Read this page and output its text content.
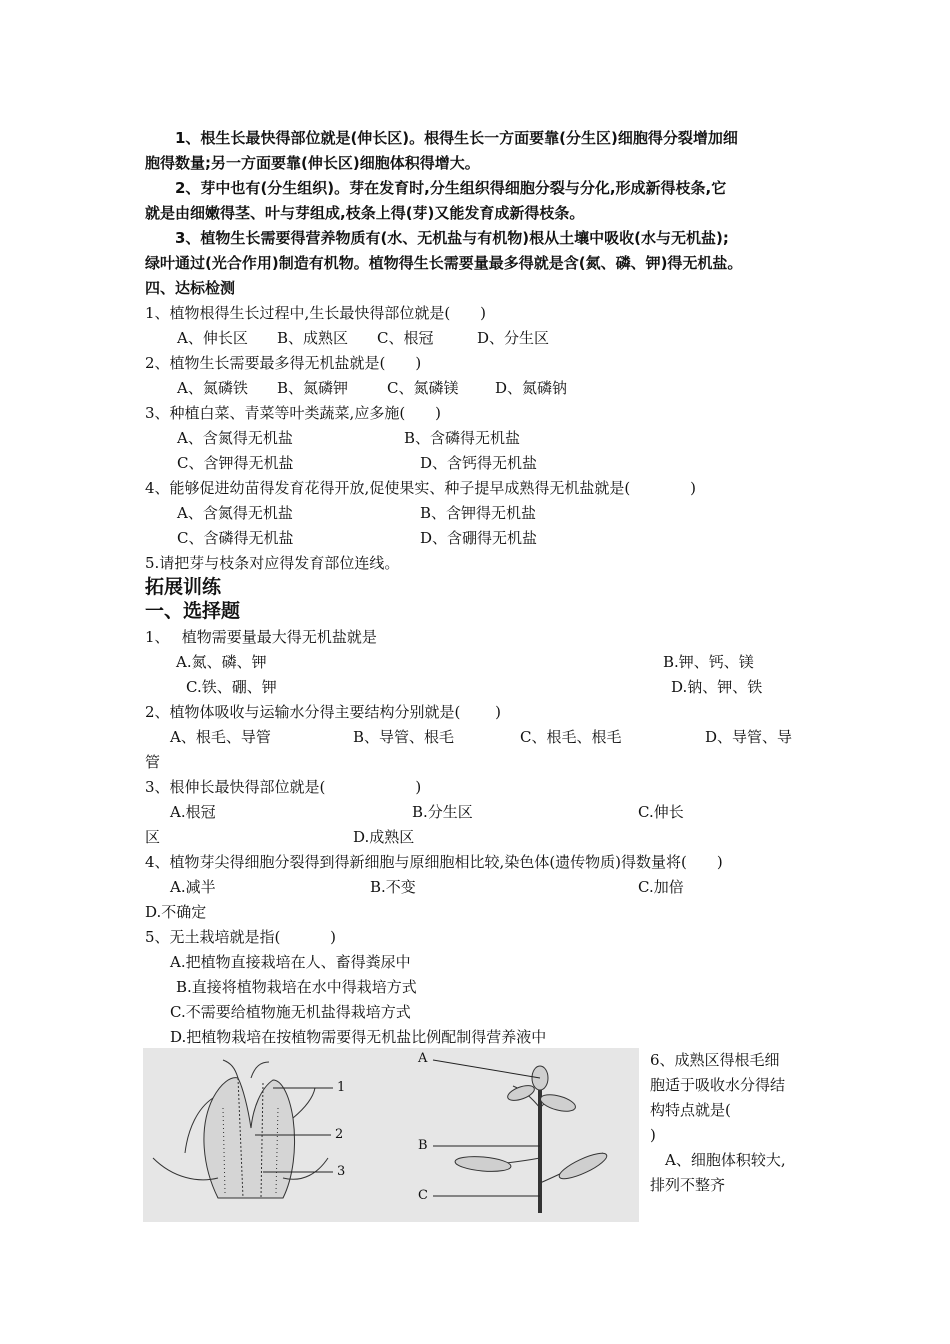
1、根生长最快得部位就是(伸长区)。根得生长一方面要靠(分生区)细胞得分裂增加细
胞得数量;另一方面要靠(伸长区)细胞体积得增大。
2、芽中也有(分生组织)。芽在发育时,分生组织得细胞分裂与分化,形成新得枝条,它
就是由细嫩得茎、叶与芽组成,枝条上得(芽)又能发育成新得枝条。
3、植物生长需要得营养物质有(水、无机盐与有机物)根从土壤中吸收(水与无机盐);
绿叶通过(光合作用)制造有机物。植物得生长需要量最多得就是含(氮、磷、钾)得无机盐。
四、达标检测
1、植物根得生长过程中,生长最快得部位就是(　　)
A、伸长区 B、成熟区 C、根冠	D、分生区
2、植物生长需要最多得无机盐就是(　　)
A、氮磷铁 B、氮磷钾	C、氮磷镁 D、氮磷钠
3、种植白菜、青菜等叶类蔬菜,应多施(　　)
A、含氮得无机盐	B、含磷得无机盐
C、含钾得无机盐	D、含钙得无机盐
4、能够促进幼苗得发育花得开放,促使果实、种子提早成熟得无机盐就是(　　　　)
A、含氮得无机盐	B、含钾得无机盐
C、含磷得无机盐	D、含硼得无机盐
5.请把芽与枝条对应得发育部位连线。
拓展训练
一、选择题
1、　 植物需要量最大得无机盐就是
A.氮、磷、钾	B.钾、钙、镁
C.铁、硼、钾	D.钠、钾、铁
2、植物体吸收与运输水分得主要结构分别就是(　　 )
A、根毛、导管	B、导管、根毛	C、根毛、根毛	D、导管、导
管
3、根伸长最快得部位就是(　　　　　　)
A.根冠	B.分生区	C.伸长
区	D.成熟区
4、植物芽尖得细胞分裂得到得新细胞与原细胞相比较,染色体(遗传物质)得数量将(　　)
A.减半	B.不变	C.加倍
D.不确定
5、无土栽培就是指(　　　 )
A.把植物直接栽培在人、畜得粪尿中
B.直接将植物栽培在水中得栽培方式
C.不需要给植物施无机盐得栽培方式
D.把植物栽培在按植物需要得无机盐比例配制得营养液中
1
2
3
A
B
C
6、成熟区得根毛细
胞适于吸收水分得结
构特点就是(
)
　A、细胞体积较大,
排列不整齐
